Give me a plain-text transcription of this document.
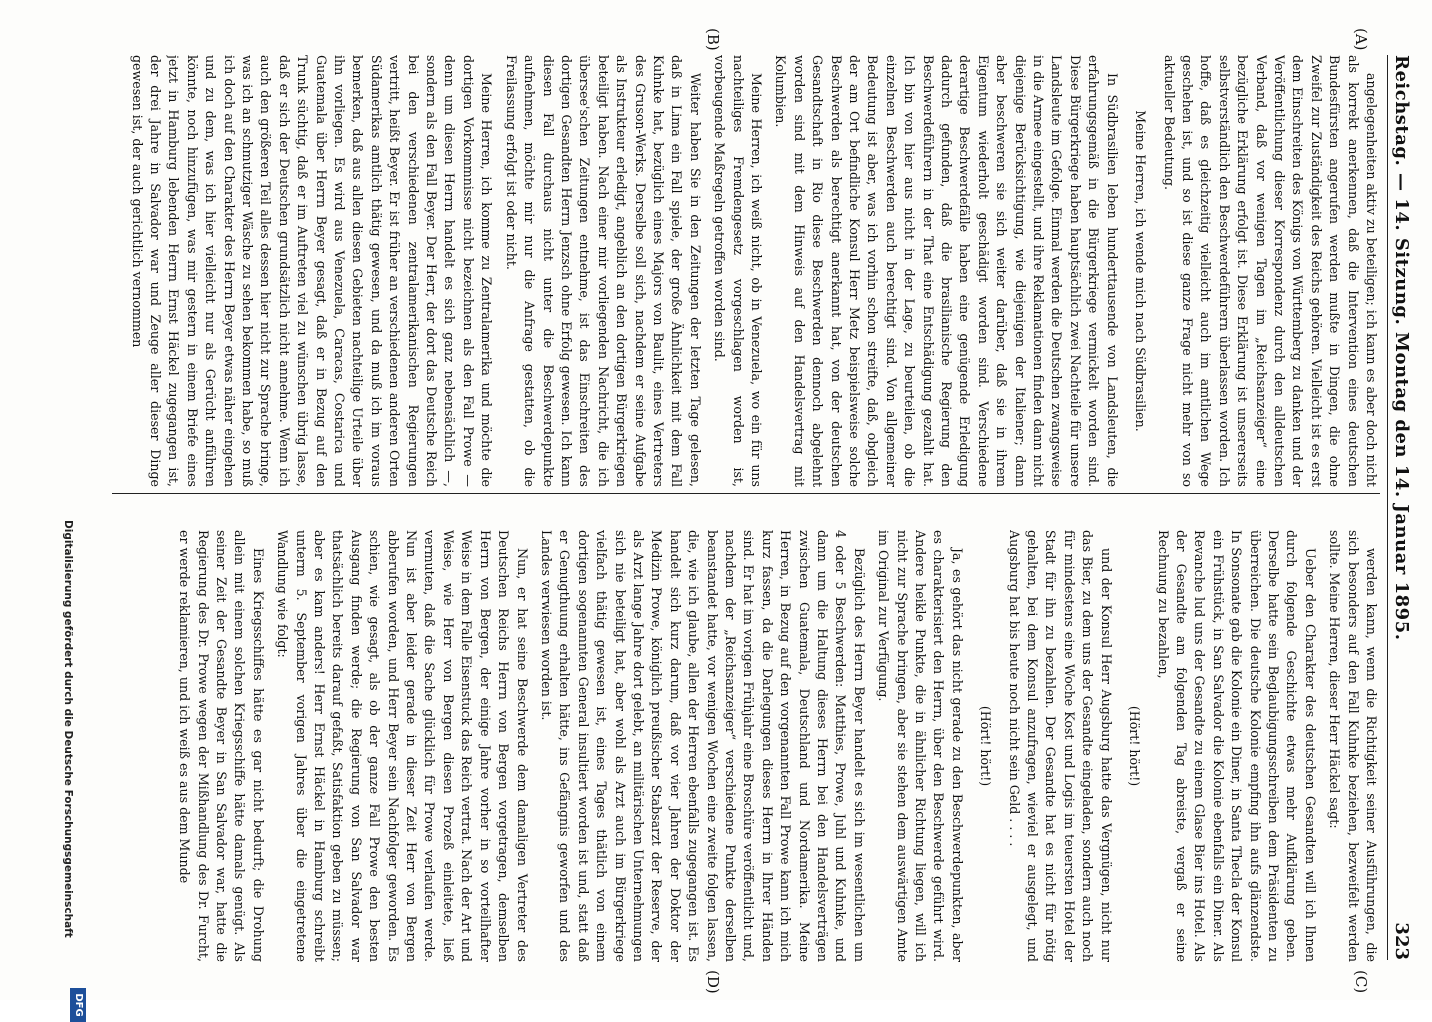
Reichstag. — 14. Sitzung. Montag den 14. Januar 1895.
323
(A)
(B)
(C)
(D)

angelegenheiten aktiv zu beteiligen; ich kann es aber doch nicht als korrekt anerkennen, daß die Intervention eines deutschen Bundesfürsten angerufen werden mußte in Dingen, die ohne Zweifel zur Zuständigkeit des Reichs gehören. Vielleicht ist es erst dem Einschreiten des Königs von Württemberg zu danken und der Veröffentlichung dieser Korrespondenz durch den alldeutschen Verband, daß vor wenigen Tagen im „Reichsanzeiger“ eine bezügliche Erklärung erfolgt ist. Diese Erklärung ist unsererseits selbstverständlich den Beschwerdeführern überlassen worden. Ich hoffe, daß es gleichzeitig vielleicht auch im amtlichen Wege geschehen ist, und so ist diese ganze Frage nicht mehr von so aktueller Bedeutung.

Meine Herren, ich wende mich nach Südbrasilien.

In Südbrasilien leben hunderttausende von Landsleuten, die erfahrungsgemäß in die Bürgerkriege vermickelt worden sind. Diese Bürgerkriege haben hauptsächlich zwei Nachteile für unsere Landsleute im Gefolge. Einmal werden die Deutschen zwangsweise in die Armee eingestellt, und ihre Reklamationen finden dann nicht diejenige Berücksichtigung, wie diejenigen der Italiener; dann aber beschweren sie sich weiter darüber, daß sie in ihrem Eigentum wiederholt geschädigt worden sind. Verschiedene derartige Beschwerdefälle haben eine genügende Erledigung dadurch gefunden, daß die brasilianische Regierung den Beschwerdeführern in der That eine Entschädigung gezahlt hat. Ich bin von hier aus nicht in der Lage, zu beurteilen, ob die einzelnen Beschwerden auch berechtigt sind. Von allgemeiner Bedeutung ist aber, was ich vorhin schon streifte, daß, obgleich der am Ort befindliche Konsul Herr Metz beispielsweise solche Beschwerden als berechtigt anerkannt hat, von der deutschen Gesandtschaft in Rio diese Beschwerden dennoch abgelehnt worden sind mit dem Hinweis auf den Handelsvertrag mit Kolumbien.

Meine Herren, ich weiß nicht, ob in Venezuela, wo ein für uns nachteiliges Fremdengesetz vorgeschlagen worden ist, vorbeugende Maßregeln getroffen worden sind.

Weiter haben Sie in den Zeitungen der letzten Tage gelesen, daß in Lima ein Fall spiele, der große Ähnlichkeit mit dem Fall Kuhnke hat, bezüglich eines Majors von Baulit, eines Vertreters des Gruson-Werks. Derselbe soll sich, nachdem er seine Aufgabe als Instrukteur erledigt, angeblich an den dortigen Bürgerkriegen beteiligt haben. Nach einer mir vorliegenden Nachricht, die ich übersee'schen Zeitungen entnehme, ist das Einschreiten des dortigen Gesandten Herrn Jenzsch ohne Erfolg gewesen. Ich kann diesen Fall durchaus nicht unter die Beschwerdepunkte aufnehmen, möchte mir nur die Anfrage gestatten, ob die Freilassung erfolgt ist oder nicht.

Meine Herren, ich komme zu Zentralamerika und möchte die dortigen Vorkommnisse nicht bezeichnen als den Fall Prowe — denn um diesen Herrn handelt es sich ganz nebensächlich —, sondern als den Fall Beyer. Der Herr, der dort das Deutsche Reich bei den verschiedenen zentralamerikanischen Regierungen vertritt, heißt Beyer. Er ist früher an verschiedenen anderen Orten Südamerikas amtlich thätig gewesen, und da muß ich im voraus bemerken, daß aus allen diesen Gebieten nachteilige Urteile über ihn vorliegen. Es wird aus Venezuela, Caracas, Costarica und Guatemala über Herrn Beyer gesagt, daß er in Bezug auf den Trunk süchtig, daß er im Auftreten viel zu wünschen übrig lasse, daß er sich der Deutschen grundsätzlich nicht annehme. Wenn ich auch den größeren Teil alles dessen hier nicht zur Sprache bringe, was ich an schmutziger Wäsche zu sehen bekommen habe, so muß ich doch auf den Charakter des Herrn Beyer etwas näher eingehen und zu dem, was ich hier vielleicht nur als Gerücht anführen könnte, noch hinzufügen, was mir gestern in einem Briefe eines jetzt in Hamburg lebenden Herrn Ernst Häckel zugegangen ist, der drei Jahre in Salvador war und Zeuge aller dieser Dinge gewesen ist, der auch gerichtlich vernommen

werden kann, wenn die Richtigkeit seiner Ausführungen, die sich besonders auf den Fall Kuhnke beziehen, bezweifelt werden sollte. Meine Herren, dieser Herr Häckel sagt:

Ueber den Charakter des deutschen Gesandten will ich Ihnen durch folgende Geschichte etwas mehr Aufklärung geben. Derselbe hatte sein Beglaubigungsschreiben dem Präsidenten zu überreichen. Die deutsche Kolonie empfing ihn aufs glänzendste. In Sonsonate gab die Kolonie ein Diner, in Santa Thecla der Konsul ein Frühstück, in San Salvador die Kolonie ebenfalls ein Diner. Als Revanche lud uns der Gesandte zu einem Glase Bier ins Hotel. Als der Gesandte am folgenden Tag abreiste, vergaß er seine Rechnung zu bezahlen,

(Hört! hört!)

und der Konsul Herr Augsburg hatte das Vergnügen, nicht nur das Bier, zu dem uns der Gesandte eingeladen, sondern auch noch für mindestens eine Woche Kost und Logis im teuersten Hotel der Stadt für ihn zu bezahlen. Der Gesandte hat es nicht für nötig gehalten, bei dem Konsul anzufragen, wieviel er ausgelegt, und Augsburg hat bis heute noch nicht sein Geld . . . .

(Hört! hört!)

Ja, es gehört das nicht gerade zu den Beschwerdepunkten, aber es charakterisiert den Herrn, über den Beschwerde geführt wird. Andere heikle Punkte, die in ähnlicher Richtung liegen, will ich nicht zur Sprache bringen, aber sie stehen dem auswärtigen Amte im Original zur Verfügung.

Bezüglich des Herrn Beyer handelt es sich im wesentlichen um 4 oder 5 Beschwerden: Matthies, Prowe, Juhl und Kuhnke, und dann um die Haltung dieses Herrn bei den Handelsverträgen zwischen Guatemala, Deutschland und Nordamerika. Meine Herren, in Bezug auf den vorgenannten Fall Prowe kann ich mich kurz fassen, da die Darlegungen dieses Herrn in Ihrer Händen sind. Er hat im vorigen Frühjahr eine Broschüre veröffentlicht und, nachdem der „Reichsanzeiger“ verschiedene Punkte derselben beanstandet hatte, vor wenigen Wochen eine zweite folgen lassen, die, wie ich glaube, allen der Herren ebenfalls zugegangen ist. Es handelt sich kurz darum, daß vor vier Jahren der Doktor der Medizin Prowe, königlich preußischer Stabsarzt der Reserve, der als Arzt lange Jahre dort gelebt, an militärischen Unternehmungen sich nie beteiligt hat, aber wohl als Arzt auch im Bürgerkriege vielfach thätig gewesen ist, eines Tages thätlich von einem dortigen sogenannten General insultiert worden ist und, statt daß er Genugthuung erhalten hätte, ins Gefängnis geworfen und des Landes verwiesen worden ist.

Nun, er hat seine Beschwerde dem damaligen Vertreter des Deutschen Reichs Herrn von Bergen vorgetragen, demselben Herrn von Bergen, der einige Jahre vorher in so vorteilhafter Weise in dem Falle Eisenstuck das Reich vertrat. Nach der Art und Weise, wie Herr von Bergen diesen Prozeß einleitete, ließ vermuten, daß die Sache glücklich für Prowe verlaufen werde. Nun ist aber leider gerade in dieser Zeit Herr von Bergen abberufen worden, und Herr Beyer sein Nachfolger geworden. Es schien, wie gesagt, als ob der ganze Fall Prowe den besten Ausgang finden werde; die Regierung von San Salvador war thatsächlich bereits darauf gefaßt, Satisfaktion geben zu müssen; aber es kam anders! Herr Ernst Häckel in Hamburg schreibt unterm 5. September vorigen Jahres über die eingetretene Wandlung wie folgt:

Eines Kriegsschiffes hätte es gar nicht bedurft; die Drohung allein mit einem solchen Kriegsschiffe hätte damals genügt. Als seiner Zeit der Gesandte Beyer in San Salvador war, hatte die Regierung des Dr. Prowe wegen der Mißhandlung des Dr. Furcht, er werde reklamieren, und ich weiß es aus dem Munde

Digitalisierung gefördert durch die Deutsche Forschungsgemeinschaft
DFG
